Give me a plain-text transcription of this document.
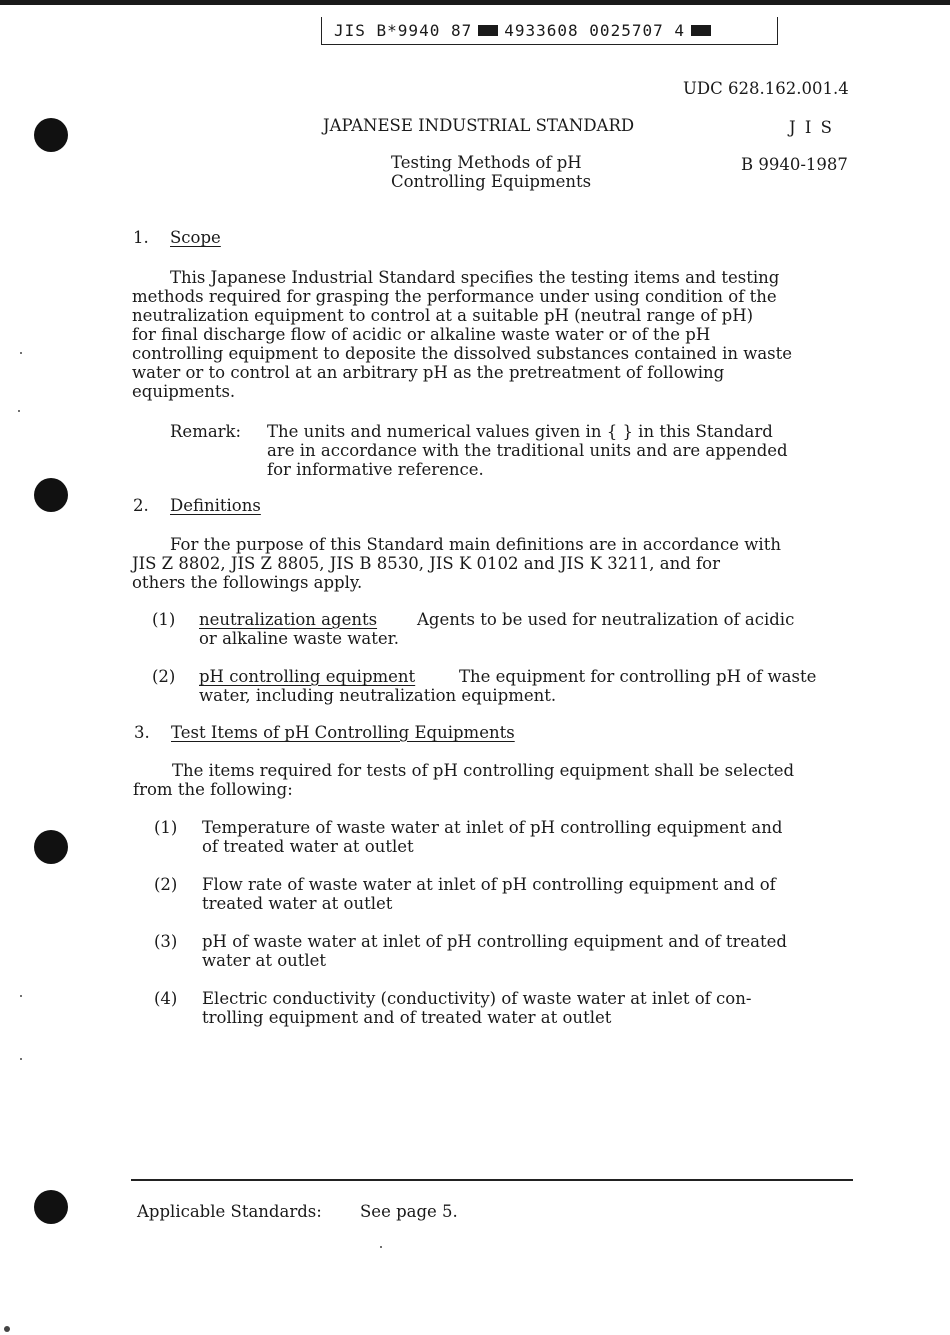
JIS B*9940 87 4933608 0025707 4
UDC 628.162.001.4
JAPANESE INDUSTRIAL STANDARD	J I S
Testing Methods of pH
Controlling Equipments
B 9940-1987
1. Scope
This Japanese Industrial Standard specifies the testing items and testing
methods required for grasping the performance under using condition of the
neutralization equipment to control at a suitable pH (neutral range of pH)
for final discharge flow of acidic or alkaline waste water or of the pH
controlling equipment to deposite the dissolved substances contained in waste
water or to control at an arbitrary pH as the pretreatment of following
equipments.
Remark: The units and numerical values given in { } in this Standard
are in accordance with the traditional units and are appended
for informative reference.
2. Definitions
For the purpose of this Standard main definitions are in accordance with
JIS Z 8802, JIS Z 8805, JIS B 8530, JIS K 0102 and JIS K 3211, and for
others the followings apply.
(1) neutralization agents Agents to be used for neutralization of acidic
or alkaline waste water.
(2) pH controlling equipment	The equipment for controlling pH of waste
water, including neutralization equipment.
3. Test Items of pH Controlling Equipments
The items required for tests of pH controlling equipment shall be selected
from the following:
(1) Temperature of waste water at inlet of pH controlling equipment and
of treated water at outlet
(2) Flow rate of waste water at inlet of pH controlling equipment and of
treated water at outlet
(3) pH of waste water at inlet of pH controlling equipment and of treated
water at outlet
(4) Electric conductivity (conductivity) of waste water at inlet of con-
trolling equipment and of treated water at outlet
Applicable Standards: See page 5.
